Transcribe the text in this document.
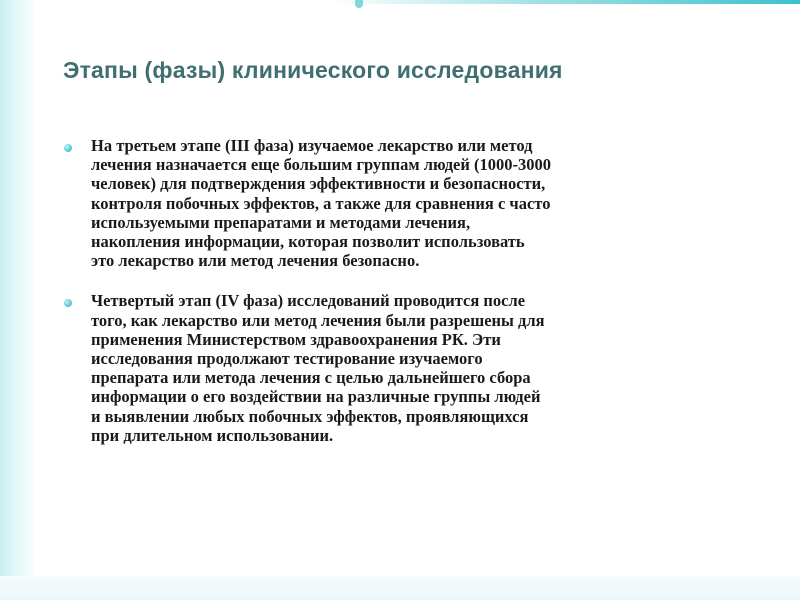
Этапы (фазы) клинического исследования
На третьем этапе (III фаза) изучаемое лекарство или метод
лечения назначается еще большим группам людей (1000-3000
человек) для подтверждения эффективности и безопасности,
контроля побочных эффектов, а также для сравнения с часто
используемыми препаратами и методами лечения,
накопления информации, которая позволит использовать
это лекарство или метод лечения безопасно.
Четвертый этап (IV фаза) исследований проводится после
того, как лекарство или метод лечения были разрешены для
применения Министерством здравоохранения РК. Эти
исследования продолжают тестирование изучаемого
препарата или метода лечения с целью дальнейшего сбора
информации о его воздействии на различные группы людей
и выявлении любых побочных эффектов, проявляющихся
при длительном использовании.
